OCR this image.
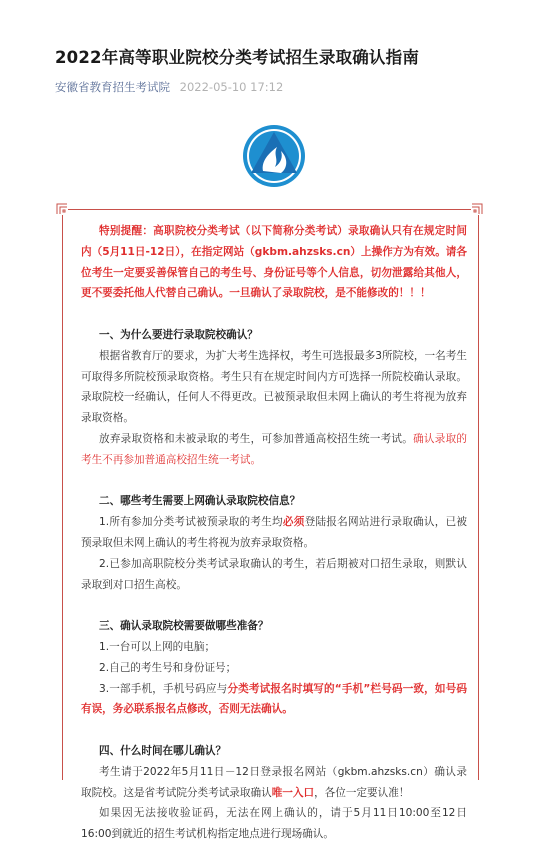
2022年高等职业院校分类考试招生录取确认指南
安徽省教育招生考试院 2022-05-10 17:12

特别提醒：高职院校分类考试（以下简称分类考试）录取确认只有在规定时间内（5月11日-12日），在指定网站（gkbm.ahzsks.cn）上操作方为有效。请各位考生一定要妥善保管自己的考生号、身份证号等个人信息，切勿泄露给其他人，更不要委托他人代替自己确认。一旦确认了录取院校，是不能修改的！！！

一、为什么要进行录取院校确认？

根据省教育厅的要求，为扩大考生选择权，考生可选报最多3所院校，一名考生可取得多所院校预录取资格。考生只有在规定时间内方可选择一所院校确认录取。录取院校一经确认，任何人不得更改。已被预录取但未网上确认的考生将视为放弃录取资格。

放弃录取资格和未被录取的考生，可参加普通高校招生统一考试。确认录取的考生不再参加普通高校招生统一考试。

二、哪些考生需要上网确认录取院校信息？

1.所有参加分类考试被预录取的考生均必须登陆报名网站进行录取确认，已被预录取但未网上确认的考生将视为放弃录取资格。

2.已参加高职院校分类考试录取确认的考生，若后期被对口招生录取，则默认录取到对口招生高校。

三、确认录取院校需要做哪些准备？

1.一台可以上网的电脑；

2.自己的考生号和身份证号；

3.一部手机，手机号码应与分类考试报名时填写的“手机”栏号码一致，如号码有误，务必联系报名点修改，否则无法确认。

四、什么时间在哪儿确认？

考生请于2022年5月11日－12日登录报名网站（gkbm.ahzsks.cn）确认录取院校。这是省考试院分类考试录取确认唯一入口，各位一定要认准！

如果因无法接收验证码，无法在网上确认的，请于5月11日10:00至12日16:00到就近的招生考试机构指定地点进行现场确认。
